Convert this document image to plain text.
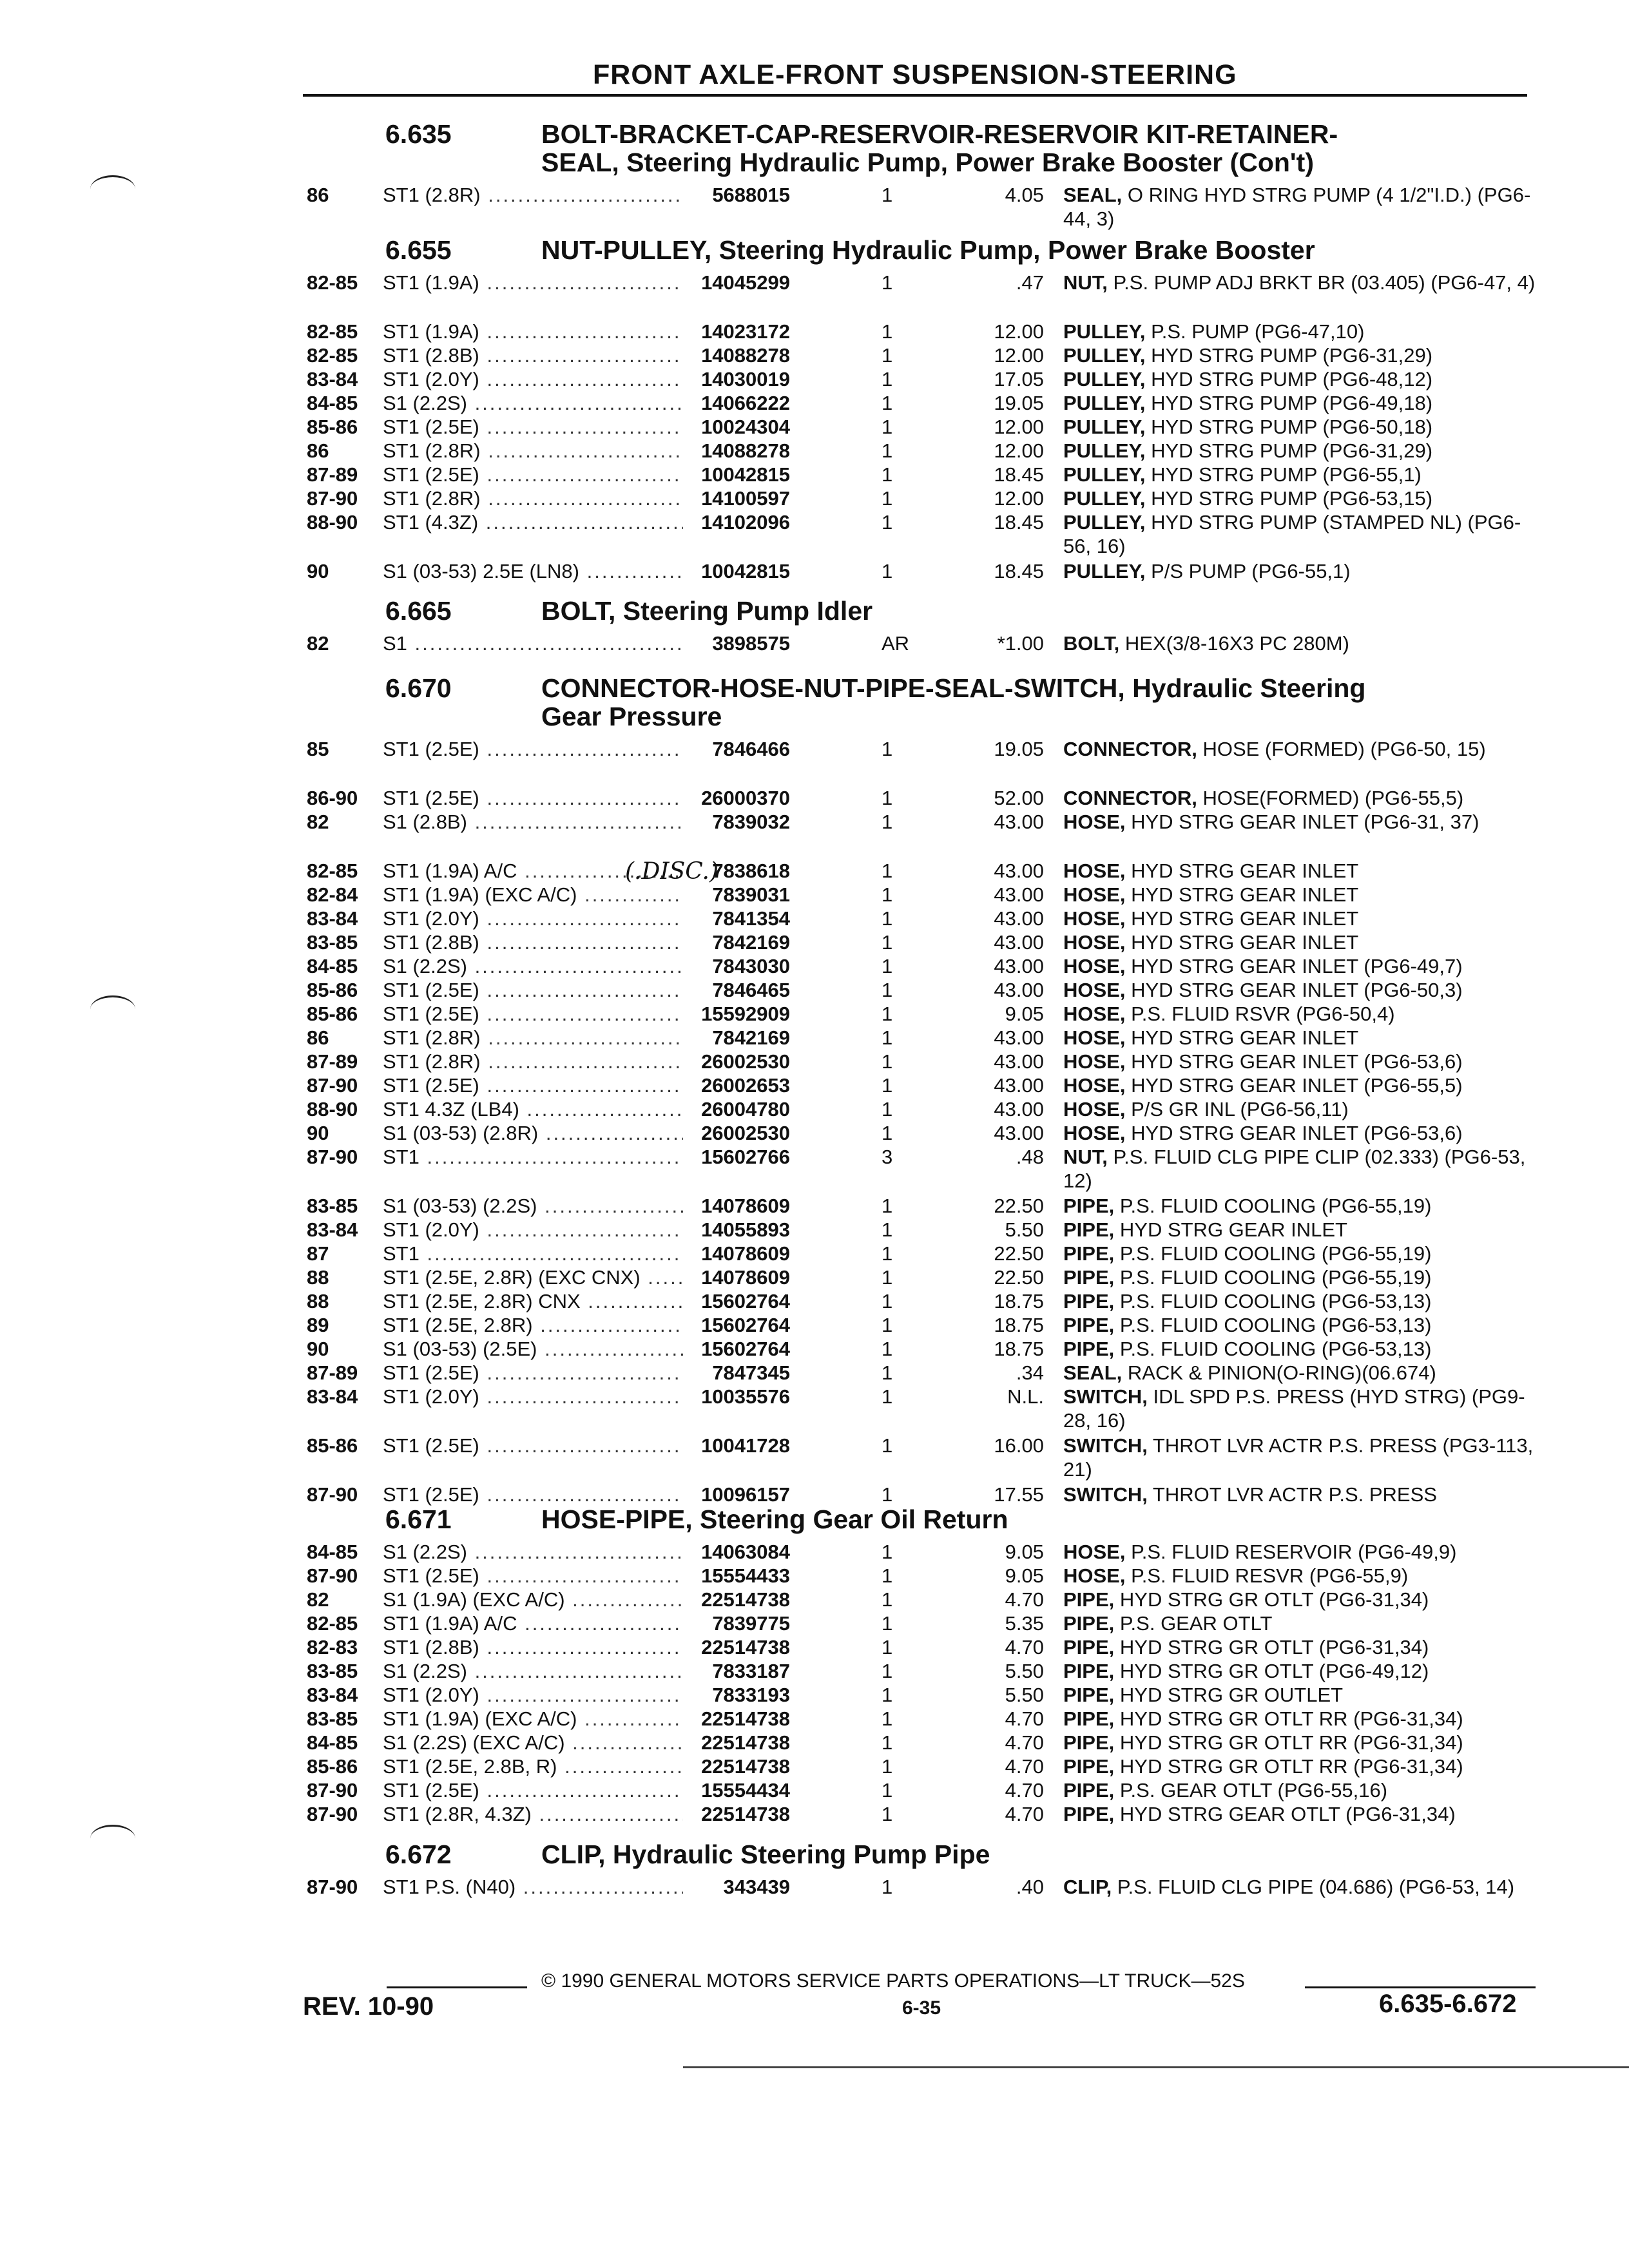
FRONT AXLE-FRONT SUSPENSION-STEERING
6.635	BOLT-BRACKET-CAP-RESERVOIR-RESERVOIR KIT-RETAINER-
SEAL, Steering Hydraulic Pump, Power Brake Booster (Con't)
86	ST1 (2.8R) .....	5688015	1	4.05 SEAL, O RING HYD STRG PUMP (4 1/2"I.D.) (PG6-44, 3)
6.655	NUT-PULLEY, Steering Hydraulic Pump, Power Brake Booster
82-85 ST1 (1.9A) .....	14045299	1	.47 NUT, P.S. PUMP ADJ BRKT BR (03.405) (PG6-47, 4)
82-85 ST1 (1.9A) .....	14023172	1	12.00 PULLEY, P.S. PUMP (PG6-47,10)
82-85 ST1 (2.8B) .....	14088278	1	12.00 PULLEY, HYD STRG PUMP (PG6-31,29)
83-84 ST1 (2.0Y) .....	14030019	1	17.05 PULLEY, HYD STRG PUMP (PG6-48,12)
84-85 S1 (2.2S) .....	14066222	1	19.05 PULLEY, HYD STRG PUMP (PG6-49,18)
85-86 ST1 (2.5E) .....	10024304	1	12.00 PULLEY, HYD STRG PUMP (PG6-50,18)
86	ST1 (2.8R) .....	14088278	1	12.00 PULLEY, HYD STRG PUMP (PG6-31,29)
87-89 ST1 (2.5E) .....	10042815	1	18.45 PULLEY, HYD STRG PUMP (PG6-55,1)
87-90 ST1 (2.8R) .....	14100597	1	12.00 PULLEY, HYD STRG PUMP (PG6-53,15)
88-90 ST1 (4.3Z) .....	14102096	1	18.45 PULLEY, HYD STRG PUMP (STAMPED NL) (PG6-56, 16)
90	S1 (03-53) 2.5E (LN8) .....	10042815	1	18.45 PULLEY, P/S PUMP (PG6-55,1)
6.665	BOLT, Steering Pump Idler
82	S1 .....	3898575	AR	*1.00 BOLT, HEX(3/8-16X3 PC 280M)
6.670	CONNECTOR-HOSE-NUT-PIPE-SEAL-SWITCH, Hydraulic Steering
Gear Pressure
85	ST1 (2.5E) .....	7846466	1	19.05 CONNECTOR, HOSE (FORMED) (PG6-50, 15)
86-90 ST1 (2.5E) .....	26000370	1	52.00 CONNECTOR, HOSE(FORMED) (PG6-55,5)
82	S1 (2.8B) .....	7839032	1	43.00 HOSE, HYD STRG GEAR INLET (PG6-31, 37)
82-85 ST1 (1.9A) A/C .....	7838618	1	43.00 HOSE, HYD STRG GEAR INLET
82-84 ST1 (1.9A) (EXC A/C) .....	7839031	1	43.00 HOSE, HYD STRG GEAR INLET
83-84 ST1 (2.0Y) .....	7841354	1	43.00 HOSE, HYD STRG GEAR INLET
83-85 ST1 (2.8B) .....	7842169	1	43.00 HOSE, HYD STRG GEAR INLET
84-85 S1 (2.2S) .....	7843030	1	43.00 HOSE, HYD STRG GEAR INLET (PG6-49,7)
85-86 ST1 (2.5E) .....	7846465	1	43.00 HOSE, HYD STRG GEAR INLET (PG6-50,3)
85-86 ST1 (2.5E) .....	15592909	1	9.05 HOSE, P.S. FLUID RSVR (PG6-50,4)
86	ST1 (2.8R) .....	7842169	1	43.00 HOSE, HYD STRG GEAR INLET
87-89 ST1 (2.8R) .....	26002530	1	43.00 HOSE, HYD STRG GEAR INLET (PG6-53,6)
87-90 ST1 (2.5E) .....	26002653	1	43.00 HOSE, HYD STRG GEAR INLET (PG6-55,5)
88-90 ST1 4.3Z (LB4) .....	26004780	1	43.00 HOSE, P/S GR INL (PG6-56,11)
90	S1 (03-53) (2.8R) .....	26002530	1	43.00 HOSE, HYD STRG GEAR INLET (PG6-53,6)
87-90 ST1 .....	15602766	3	.48 NUT, P.S. FLUID CLG PIPE CLIP (02.333) (PG6-53, 12)
83-85 S1 (03-53) (2.2S) .....	14078609	1	22.50 PIPE, P.S. FLUID COOLING (PG6-55,19)
83-84 ST1 (2.0Y) .....	14055893	1	5.50 PIPE, HYD STRG GEAR INLET
87	ST1 .....	14078609	1	22.50 PIPE, P.S. FLUID COOLING (PG6-55,19)
88	ST1 (2.5E, 2.8R) (EXC CNX) .....	14078609	1	22.50 PIPE, P.S. FLUID COOLING (PG6-55,19)
88	ST1 (2.5E, 2.8R) CNX .....	15602764	1	18.75 PIPE, P.S. FLUID COOLING (PG6-53,13)
89	ST1 (2.5E, 2.8R) .....	15602764	1	18.75 PIPE, P.S. FLUID COOLING (PG6-53,13)
90	S1 (03-53) (2.5E) .....	15602764	1	18.75 PIPE, P.S. FLUID COOLING (PG6-53,13)
87-89 ST1 (2.5E) .....	7847345	1	.34 SEAL, RACK & PINION(O-RING)(06.674)
83-84 ST1 (2.0Y) .....	10035576	1	N.L. SWITCH, IDL SPD P.S. PRESS (HYD STRG) (PG9-28, 16)
85-86 ST1 (2.5E) .....	10041728	1	16.00 SWITCH, THROT LVR ACTR P.S. PRESS (PG3-113, 21)
87-90 ST1 (2.5E) .....	10096157	1	17.55 SWITCH, THROT LVR ACTR P.S. PRESS
6.671	HOSE-PIPE, Steering Gear Oil Return
84-85 S1 (2.2S) .....	14063084	1	9.05 HOSE, P.S. FLUID RESERVOIR (PG6-49,9)
87-90 ST1 (2.5E) .....	15554433	1	9.05 HOSE, P.S. FLUID RESVR (PG6-55,9)
82	S1 (1.9A) (EXC A/C) .....	22514738	1	4.70 PIPE, HYD STRG GR OTLT (PG6-31,34)
82-85 ST1 (1.9A) A/C .....	7839775	1	5.35 PIPE, P.S. GEAR OTLT
82-83 ST1 (2.8B) .....	22514738	1	4.70 PIPE, HYD STRG GR OTLT (PG6-31,34)
83-85 S1 (2.2S) .....	7833187	1	5.50 PIPE, HYD STRG GR OTLT (PG6-49,12)
83-84 ST1 (2.0Y) .....	7833193	1	5.50 PIPE, HYD STRG GR OUTLET
83-85 ST1 (1.9A) (EXC A/C) .....	22514738	1	4.70 PIPE, HYD STRG GR OTLT RR (PG6-31,34)
84-85 S1 (2.2S) (EXC A/C) .....	22514738	1	4.70 PIPE, HYD STRG GR OTLT RR (PG6-31,34)
85-86 ST1 (2.5E, 2.8B, R) .....	22514738	1	4.70 PIPE, HYD STRG GR OTLT RR (PG6-31,34)
87-90 ST1 (2.5E) .....	15554434	1	4.70 PIPE, P.S. GEAR OTLT (PG6-55,16)
87-90 ST1 (2.8R, 4.3Z) .....	22514738	1	4.70 PIPE, HYD STRG GEAR OTLT (PG6-31,34)
6.672	CLIP, Hydraulic Steering Pump Pipe
87-90 ST1 P.S. (N40) .....	343439	1	.40 CLIP, P.S. FLUID CLG PIPE (04.686) (PG6-53, 14)
(.DISC.)
© 1990 GENERAL MOTORS SERVICE PARTS OPERATIONS—LT TRUCK—52S
REV. 10-90	6-35	6.635-6.672
